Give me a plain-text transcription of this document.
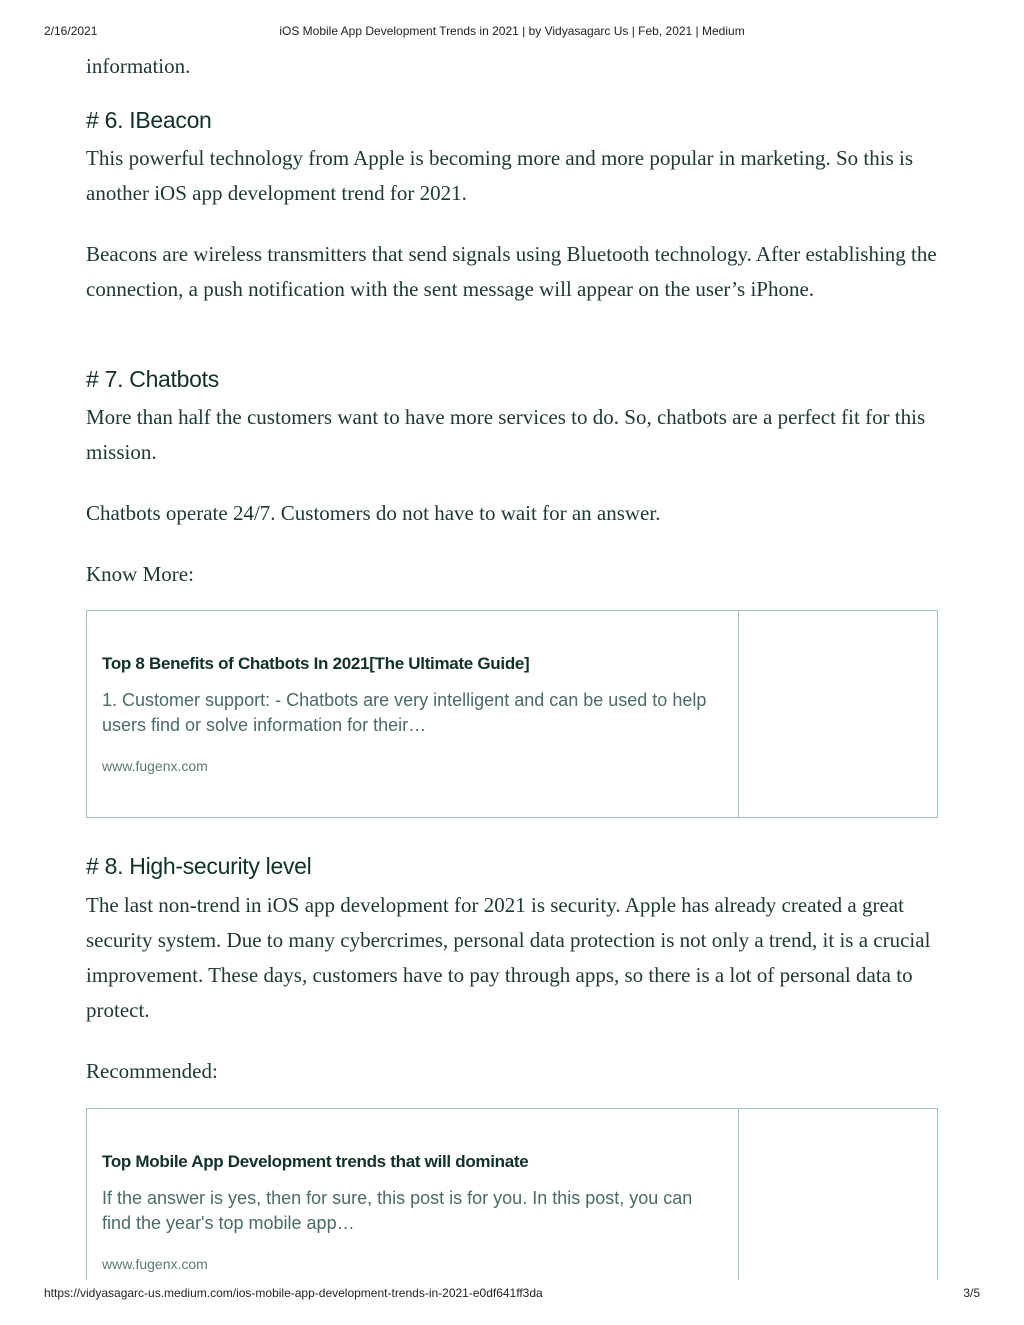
2/16/2021	iOS Mobile App Development Trends in 2021 | by Vidyasagarc Us | Feb, 2021 | Medium

information.

# 6. IBeacon

This powerful technology from Apple is becoming more and more popular in marketing. So this is another iOS app development trend for 2021.

Beacons are wireless transmitters that send signals using Bluetooth technology. After establishing the connection, a push notification with the sent message will appear on the user’s iPhone.

# 7. Chatbots

More than half the customers want to have more services to do. So, chatbots are a perfect fit for this mission.

Chatbots operate 24/7. Customers do not have to wait for an answer.

Know More:

Top 8 Benefits of Chatbots In 2021[The Ultimate Guide]
1. Customer support: - Chatbots are very intelligent and can be used to help users find or solve information for their…
www.fugenx.com
# 8. High-security level

The last non-trend in iOS app development for 2021 is security. Apple has already created a great security system. Due to many cybercrimes, personal data protection is not only a trend, it is a crucial improvement. These days, customers have to pay through apps, so there is a lot of personal data to protect.

Recommended:

Top Mobile App Development trends that will dominate
If the answer is yes, then for sure, this post is for you. In this post, you can find the year's top mobile app…
www.fugenx.com
https://vidyasagarc-us.medium.com/ios-mobile-app-development-trends-in-2021-e0df641ff3da	3/5
